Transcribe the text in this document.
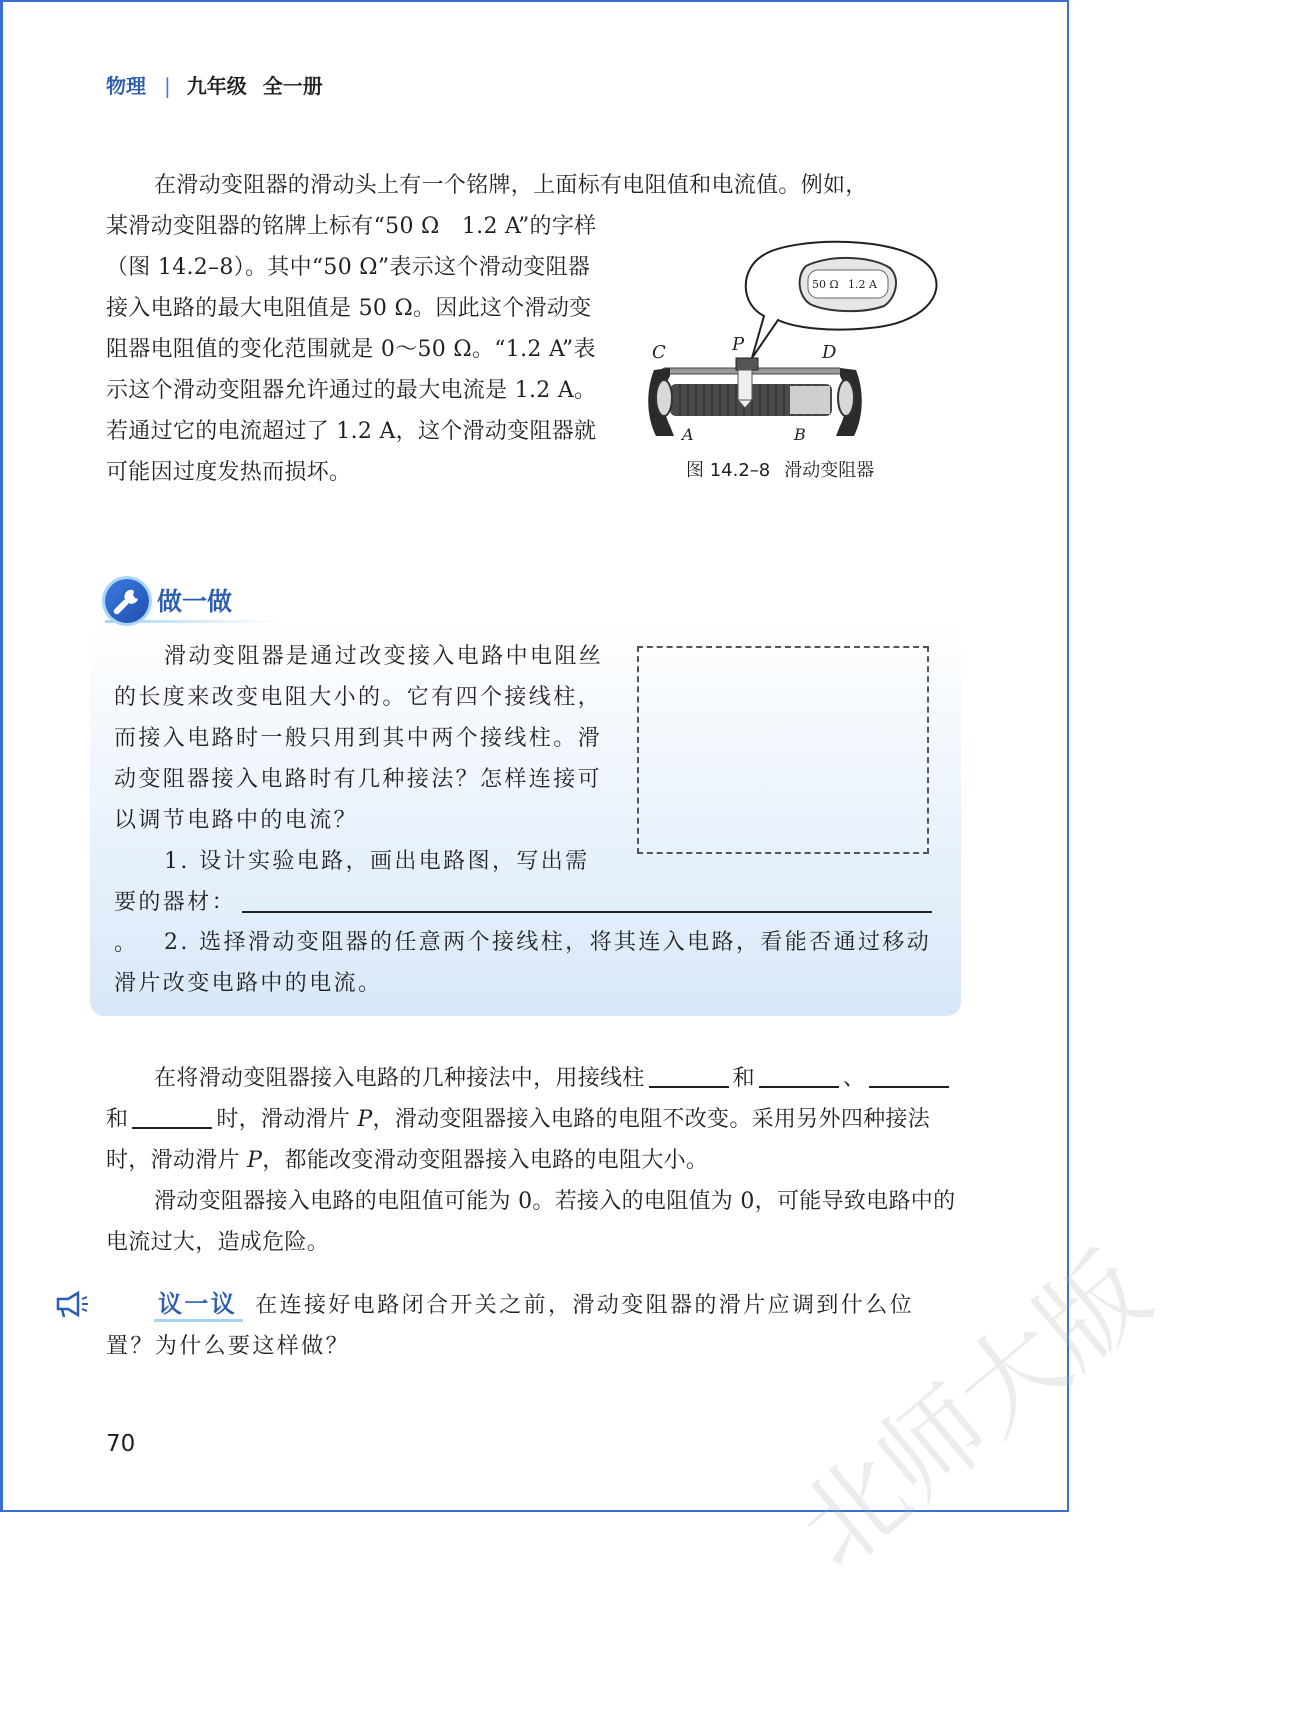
物理 | 九年级 全一册
在滑动变阻器的滑动头上有一个铭牌，上面标有电阻值和电流值。例如，
某滑动变阻器的铭牌上标有“50 Ω　1.2 A”的字样（图 14.2–8）。其中“50 Ω”表示这个滑动变阻器接入电路的最大电阻值是 50 Ω。因此这个滑动变阻器电阻值的变化范围就是 0～50 Ω。“1.2 A”表示这个滑动变阻器允许通过的最大电流是 1.2 A。若通过它的电流超过了 1.2 A，这个滑动变阻器就可能因过度发热而损坏。
50 Ω 1.2 A
C	P	D
A	B
图 14.2–8 滑动变阻器
做一做
滑动变阻器是通过改变接入电路中电阻丝的长度来改变电阻大小的。它有四个接线柱，而接入电路时一般只用到其中两个接线柱。滑动变阻器接入电路时有几种接法？怎样连接可以调节电路中的电流？
1. 设计实验电路，画出电路图，写出需
要的器材：。	2. 选择滑动变阻器的任意两个接线柱，将其连入电路，看能否通过移动滑片改变电路中的电流。
在将滑动变阻器接入电路的几种接法中，用接线柱	和	、和	时，滑动滑片 P，滑动变阻器接入电路的电阻不改变。采用另外四种接法时，滑动滑片 P，都能改变滑动变阻器接入电路的电阻大小。
滑动变阻器接入电路的电阻值可能为 0。若接入的电阻值为 0，可能导致电路中的电流过大，造成危险。
议一议 在连接好电路闭合开关之前，滑动变阻器的滑片应调到什么位置？为什么要这样做？	北师大版
70
